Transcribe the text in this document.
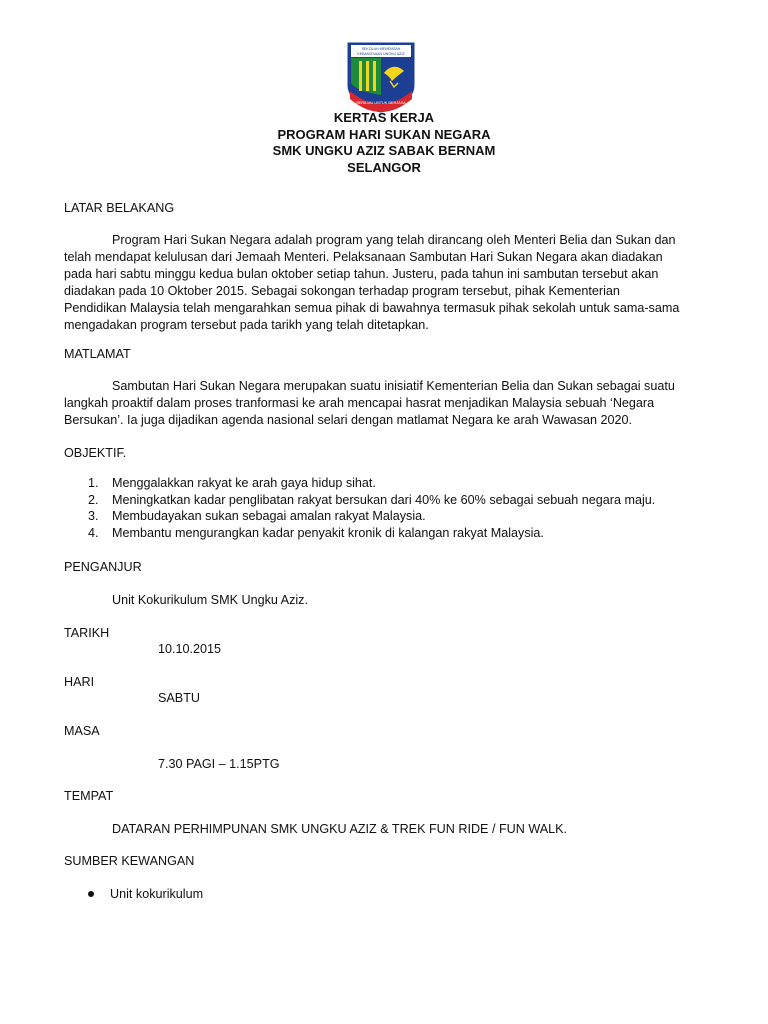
SEKOLAH MENENGAH
KEBANGSAAN UNGKU AZIZ
BERILMU UNTUK BERJASA
KERTAS KERJA
PROGRAM HARI SUKAN NEGARA
SMK UNGKU AZIZ SABAK BERNAM
SELANGOR
LATAR BELAKANG
Program Hari Sukan Negara adalah program yang telah dirancang oleh Menteri Belia dan Sukan dan
telah mendapat kelulusan dari Jemaah Menteri. Pelaksanaan Sambutan Hari Sukan Negara akan diadakan
pada hari sabtu minggu kedua bulan oktober setiap tahun. Justeru, pada tahun ini sambutan tersebut akan
diadakan pada 10 Oktober 2015. Sebagai sokongan terhadap program tersebut, pihak Kementerian
Pendidikan Malaysia telah mengarahkan semua pihak di bawahnya termasuk pihak sekolah untuk sama-sama
mengadakan program tersebut pada tarikh yang telah ditetapkan.
MATLAMAT
Sambutan Hari Sukan Negara merupakan suatu inisiatif Kementerian Belia dan Sukan sebagai suatu
langkah proaktif dalam proses tranformasi ke arah mencapai hasrat menjadikan Malaysia sebuah ‘Negara
Bersukan’. Ia juga dijadikan agenda nasional selari dengan matlamat Negara ke arah Wawasan 2020.
OBJEKTIF.
1. Menggalakkan rakyat ke arah gaya hidup sihat.
2. Meningkatkan kadar penglibatan rakyat bersukan dari 40% ke 60% sebagai sebuah negara maju.
3. Membudayakan sukan sebagai amalan rakyat Malaysia.
4. Membantu mengurangkan kadar penyakit kronik di kalangan rakyat Malaysia.
PENGANJUR
Unit Kokurikulum SMK Ungku Aziz.
TARIKH
10.10.2015
HARI
SABTU
MASA
7.30 PAGI – 1.15PTG
TEMPAT
DATARAN PERHIMPUNAN SMK UNGKU AZIZ & TREK FUN RIDE / FUN WALK.
SUMBER KEWANGAN
Unit kokurikulum
